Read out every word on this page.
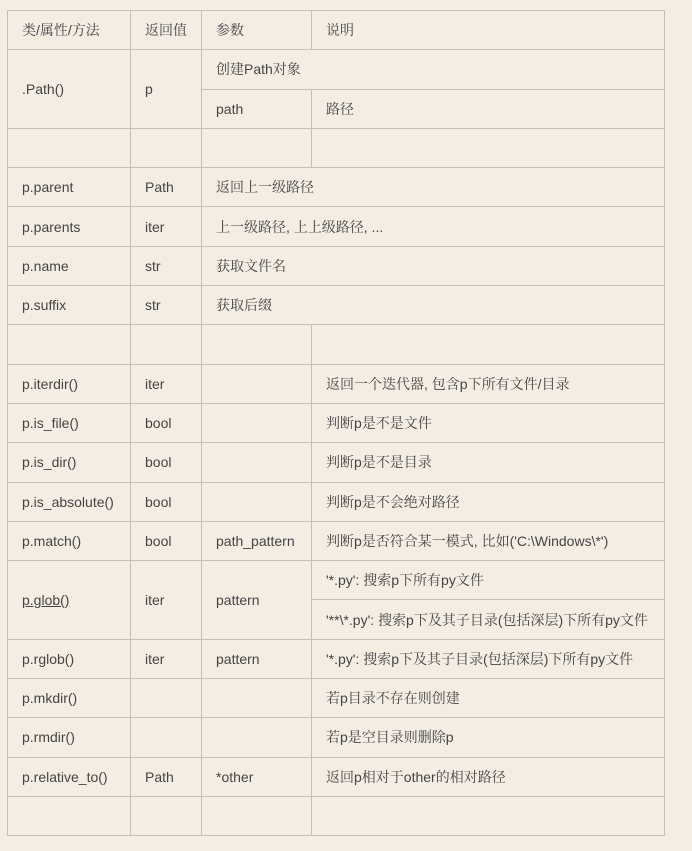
类/属性/方法	返回值	参数	说明
.Path()	p	创建Path对象	
		path	路径

p.parent	Path	返回上一级路径	
p.parents	iter	上一级路径, 上上级路径, ...	
p.name	str	获取文件名	
p.suffix	str	获取后缀	

p.iterdir()	iter		返回一个迭代器, 包含p下所有文件/目录
p.is_file()	bool		判断p是不是文件
p.is_dir()	bool		判断p是不是目录
p.is_absolute()	bool		判断p是不会绝对路径
p.match()	bool	path_pattern	判断p是否符合某一模式, 比如('C:\Windows\*')
p.glob()	iter	pattern	'*.py': 搜索p下所有py文件
			'**\*.py': 搜索p下及其子目录(包括深层)下所有py文件
p.rglob()	iter	pattern	'*.py': 搜索p下及其子目录(包括深层)下所有py文件
p.mkdir()			若p目录不存在则创建
p.rmdir()			若p是空目录则删除p
p.relative_to()	Path	*other	返回p相对于other的相对路径
